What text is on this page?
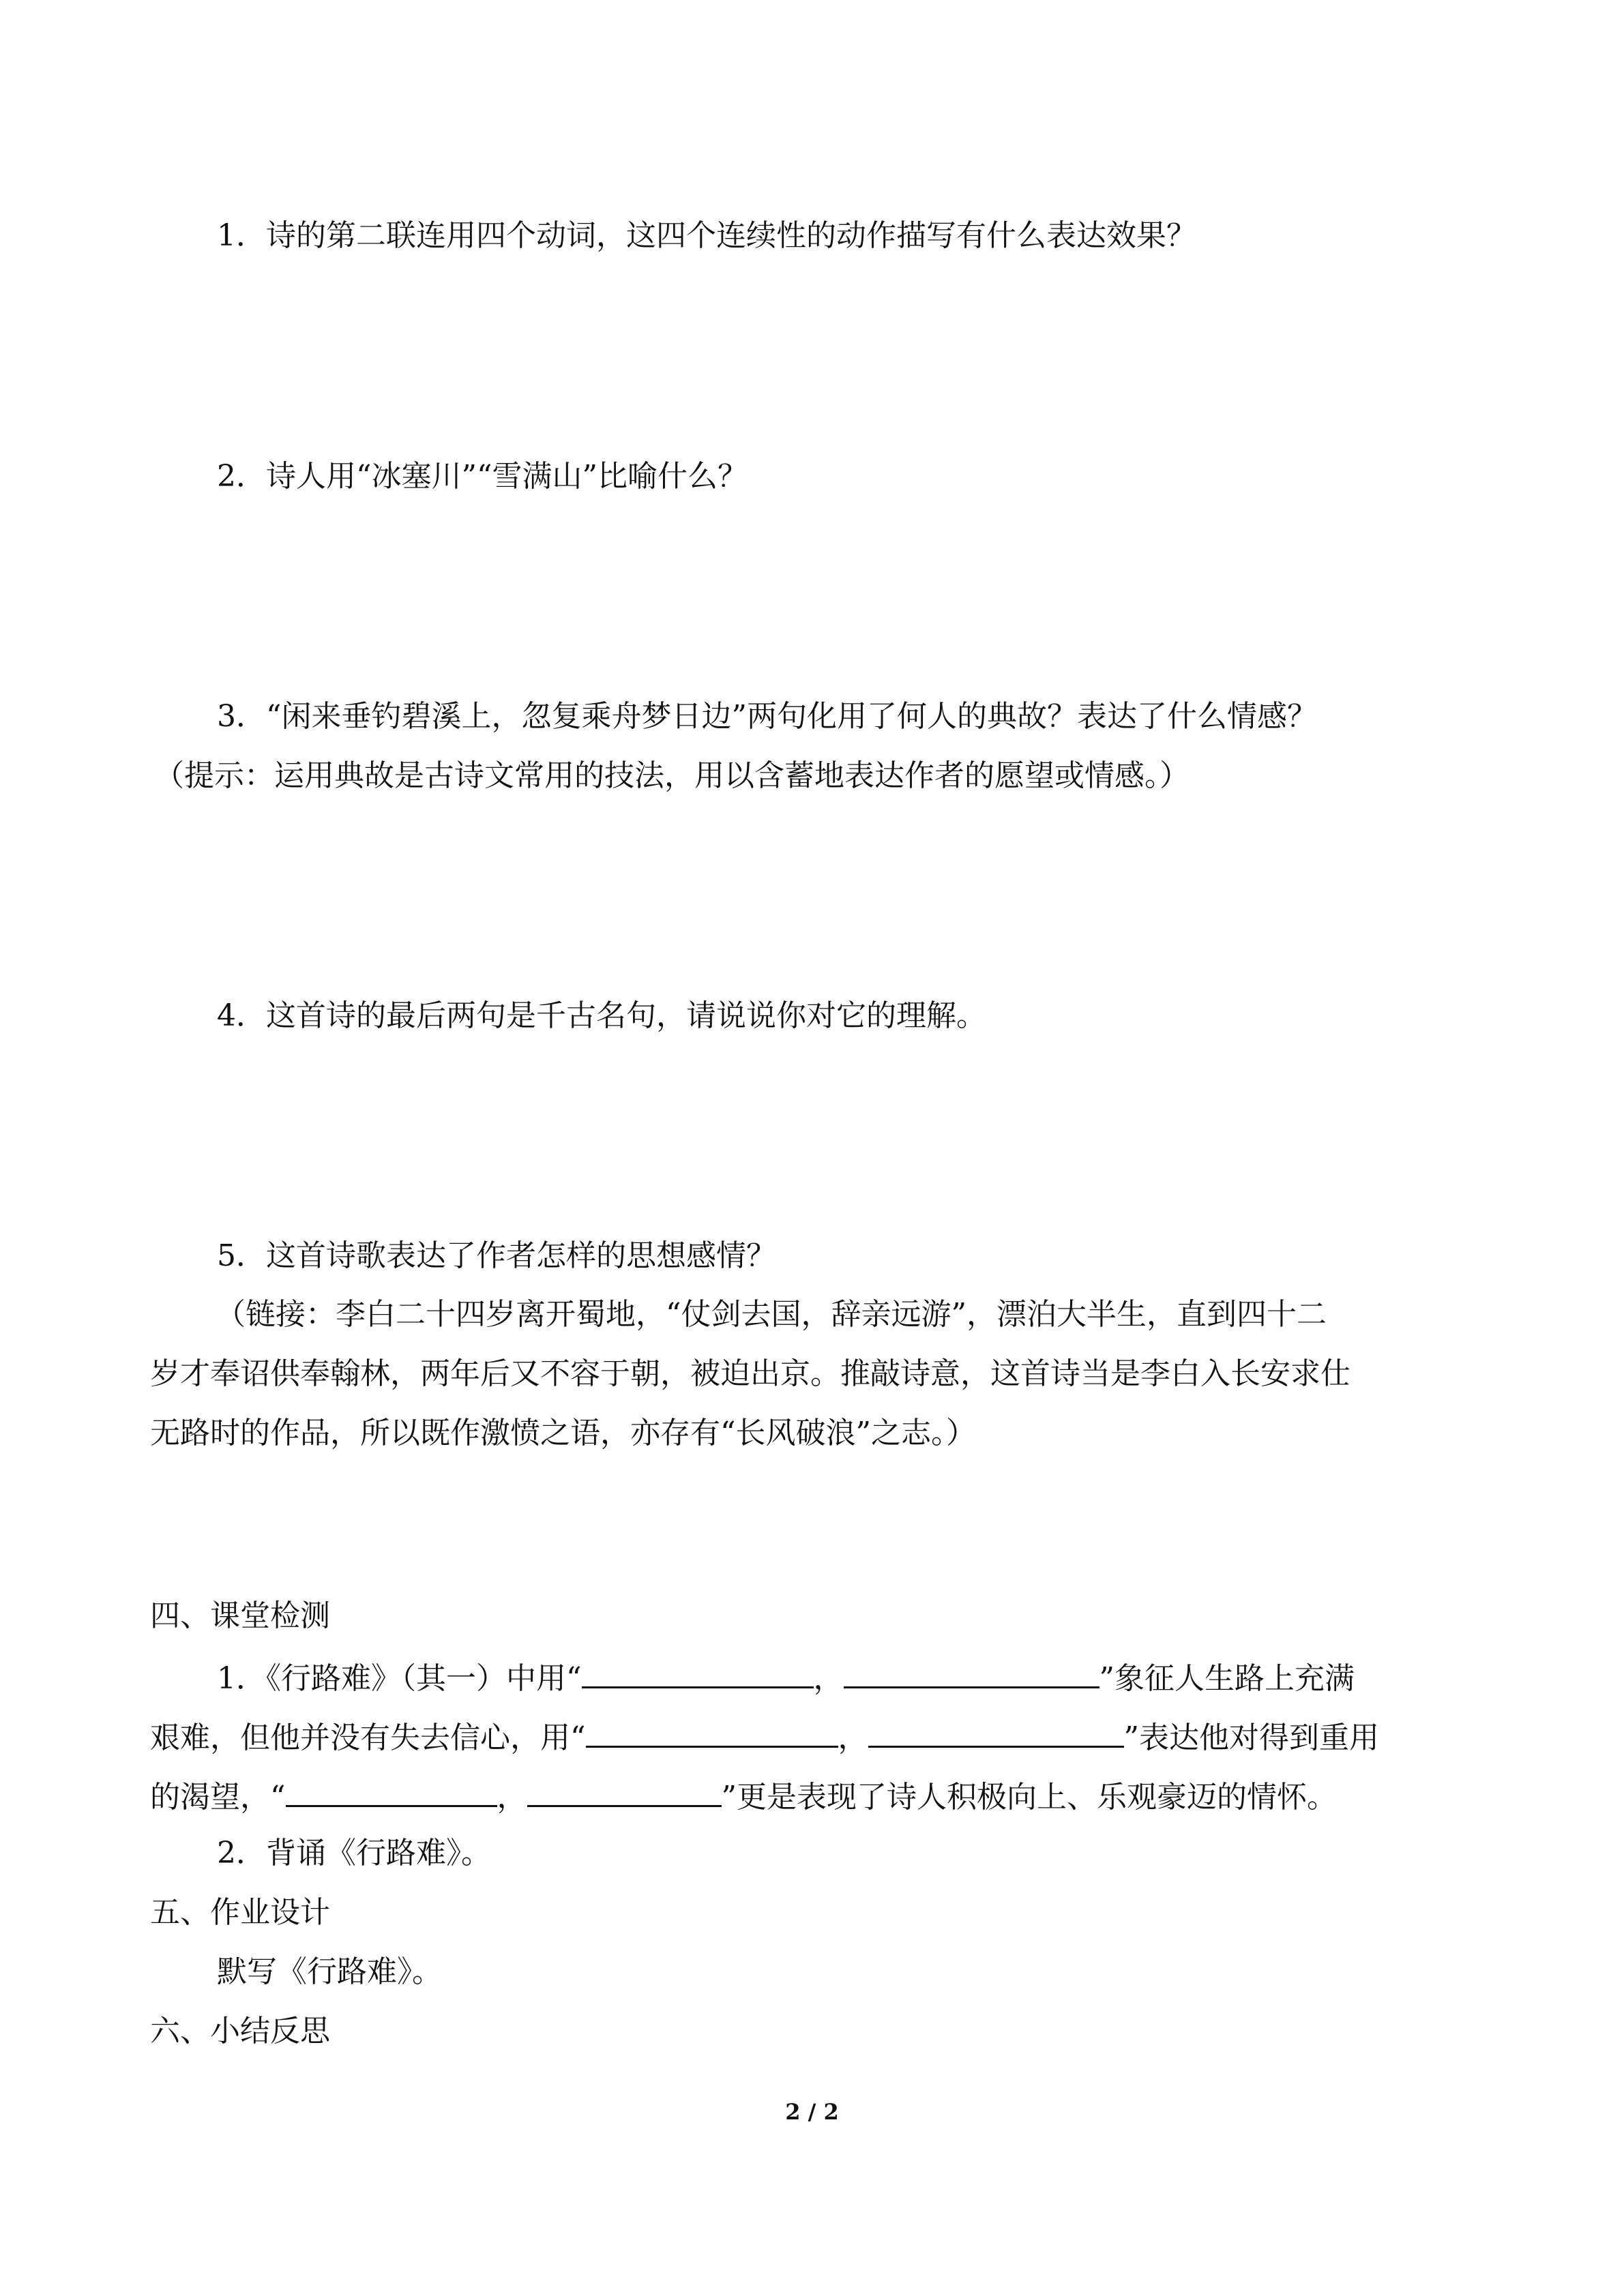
1．诗的第二联连用四个动词，这四个连续性的动作描写有什么表达效果？
2．诗人用“冰塞川”“雪满山”比喻什么？
3．“闲来垂钓碧溪上，忽复乘舟梦日边”两句化用了何人的典故？表达了什么情感？
（提示：运用典故是古诗文常用的技法，用以含蓄地表达作者的愿望或情感。）
4．这首诗的最后两句是千古名句，请说说你对它的理解。
5．这首诗歌表达了作者怎样的思想感情？
（链接：李白二十四岁离开蜀地，“仗剑去国，辞亲远游”，漂泊大半生，直到四十二
岁才奉诏供奉翰林，两年后又不容于朝，被迫出京。推敲诗意，这首诗当是李白入长安求仕
无路时的作品，所以既作激愤之语，亦存有“长风破浪”之志。）
四、课堂检测
1．《行路难》（其一）中用“	，	”象征人生路上充满
艰难，但他并没有失去信心，用“	，	”表达他对得到重用
的渴望，“	，	”更是表现了诗人积极向上、乐观豪迈的情怀。
2．背诵《行路难》。
五、作业设计
默写《行路难》。
六、小结反思
2 / 2
